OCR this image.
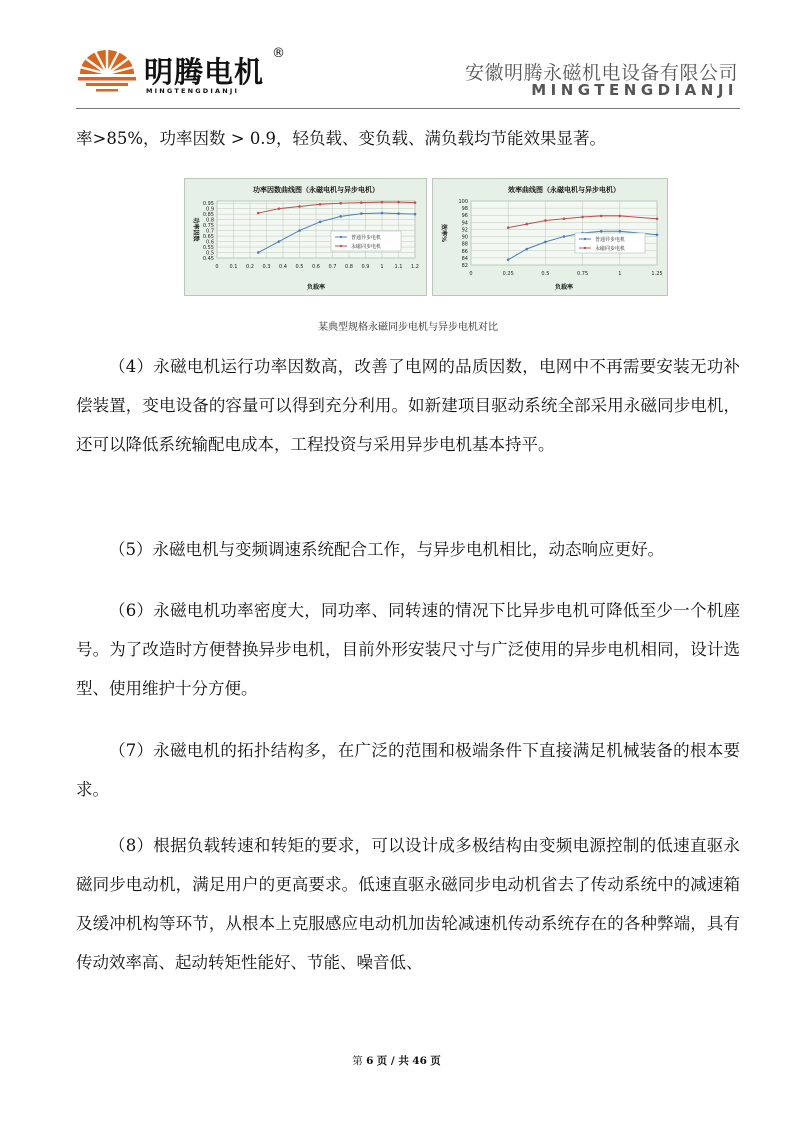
明腾电机
®
MINGTENGDIANJI
安徽明腾永磁机电设备有限公司
MINGTENGDIANJI

率>85%，功率因数 > 0.9，轻负载、变负载、满负载均节能效果显著。

0.45
0.5
0.55
0.6
0.65
0.7
0.75
0.8
0.85
0.9
0.95
0 0.1 0.2 0.3 0.4 0.5 0.6 0.7 0.8 0.9 1 1.1 1.2
功率因数曲线图（永磁电机与异步电机）
负载率
功率因数	普通异步电机
永磁同步电机
82
84
86
88
90
92
94
96
98
100
0	0.25	0.5	0.75	1	1.25
效率曲线图（永磁电机与异步电机）
负载率
效率%	普通异步电机
永磁同步电机
某典型规格永磁同步电机与异步电机对比

（4）永磁电机运行功率因数高，改善了电网的品质因数，电网中不再需要安装无功补偿装置，变电设备的容量可以得到充分利用。如新建项目驱动系统全部采用永磁同步电机，还可以降低系统输配电成本，工程投资与采用异步电机基本持平。

（5）永磁电机与变频调速系统配合工作，与异步电机相比，动态响应更好。

（6）永磁电机功率密度大，同功率、同转速的情况下比异步电机可降低至少一个机座号。为了改造时方便替换异步电机，目前外形安装尺寸与广泛使用的异步电机相同，设计选型、使用维护十分方便。

（7）永磁电机的拓扑结构多，在广泛的范围和极端条件下直接满足机械装备的根本要求。

（8）根据负载转速和转矩的要求，可以设计成多极结构由变频电源控制的低速直驱永磁同步电动机，满足用户的更高要求。低速直驱永磁同步电动机省去了传动系统中的减速箱及缓冲机构等环节，从根本上克服感应电动机加齿轮减速机传动系统存在的各种弊端，具有传动效率高、起动转矩性能好、节能、噪音低、

第 6 页 / 共 46 页
